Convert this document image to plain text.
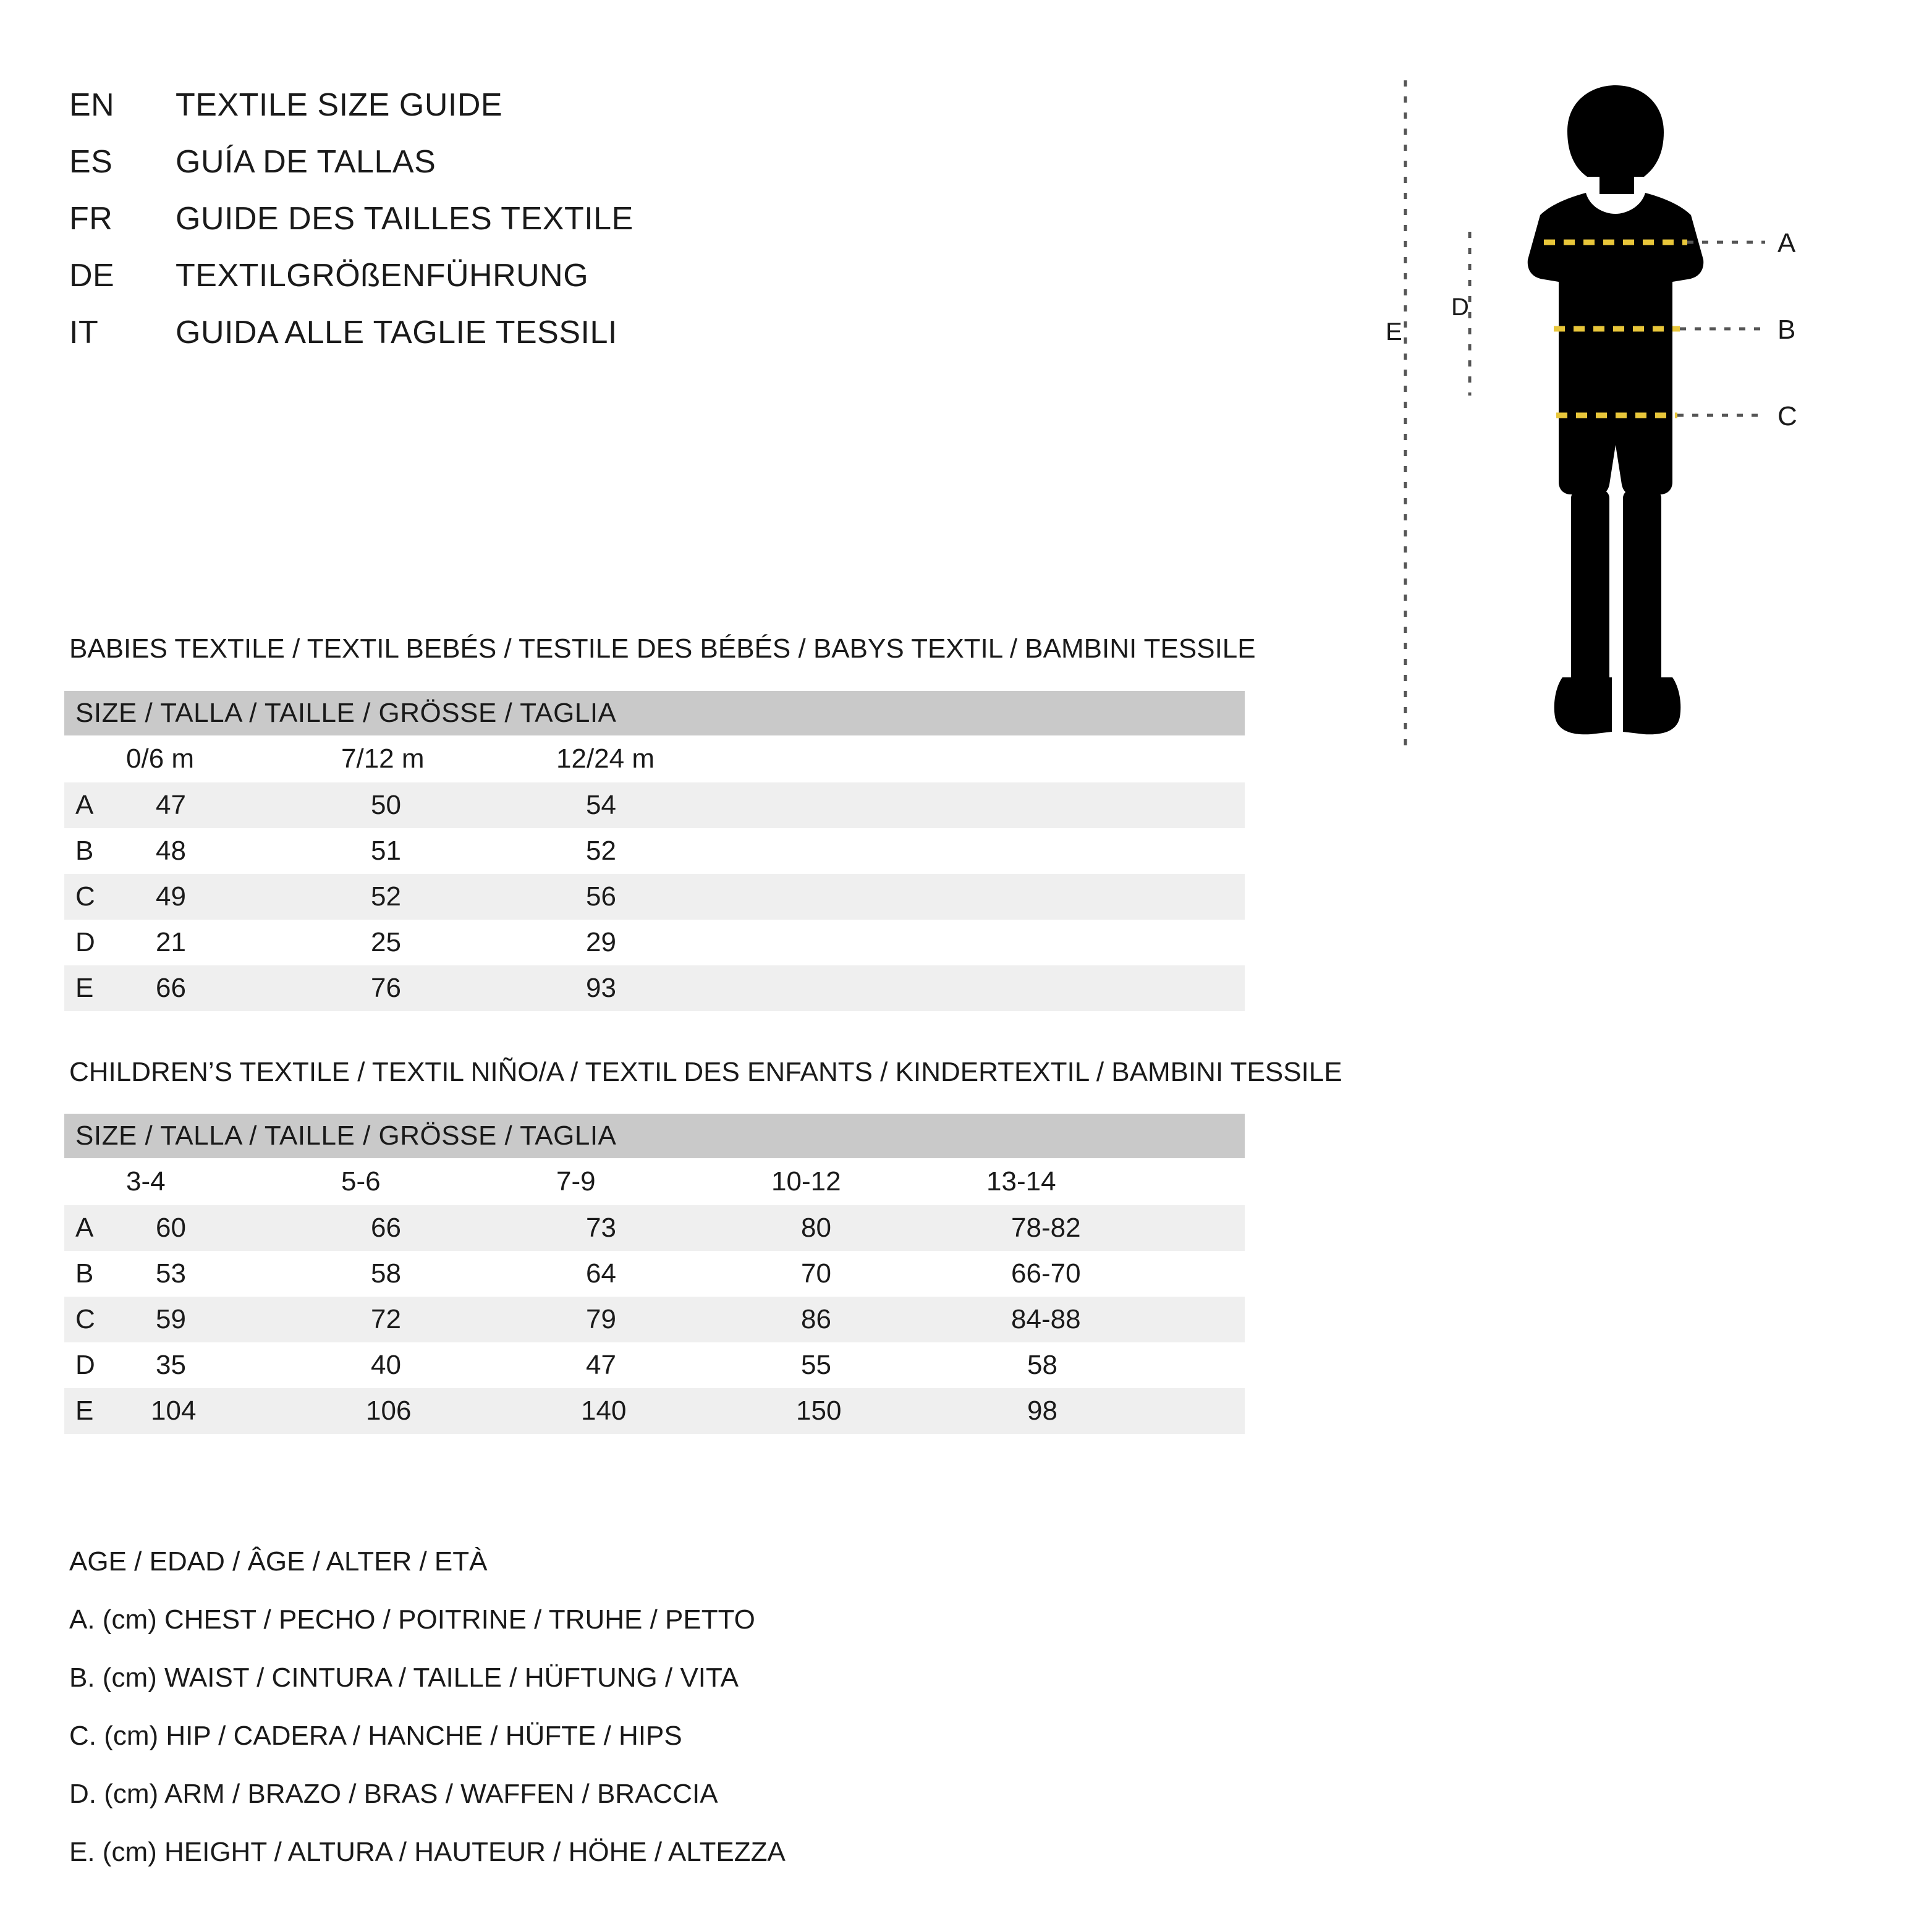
EN	TEXTILE SIZE GUIDE
ES	GUÍA DE TALLAS
FR	GUIDE DES TAILLES TEXTILE
DE	TEXTILGRÖßENFÜHRUNG
IT	GUIDA ALLE TAGLIE TESSILI	E
D
A
B
C
BABIES TEXTILE / TEXTIL BEBÉS / TESTILE DES BÉBÉS / BABYS TEXTIL / BAMBINI TESSILE
SIZE / TALLA / TAILLE / GRÖSSE / TAGLIA			
	0/6 m	7/12 m	12/24 m
A	47	50	54
B	48	51	52
C	49	52	56
D	21	25	29
E	66	76	93
CHILDREN’S TEXTILE / TEXTIL NIÑO/A / TEXTIL DES ENFANTS / KINDERTEXTIL / BAMBINI TESSILE
SIZE / TALLA / TAILLE / GRÖSSE / TAGLIA					
	3-4	5-6	7-9	10-12	13-14
A	60	66	73	80	78-82
B	53	58	64	70	66-70
C	59	72	79	86	84-88
D	35	40	47	55	58
E	104	106	140	150	98
AGE / EDAD / ÂGE / ALTER / ETÀ
A. (cm) CHEST / PECHO / POITRINE / TRUHE / PETTO
B. (cm) WAIST / CINTURA / TAILLE / HÜFTUNG / VITA
C. (cm) HIP / CADERA / HANCHE / HÜFTE / HIPS
D. (cm) ARM / BRAZO / BRAS / WAFFEN / BRACCIA
E. (cm) HEIGHT / ALTURA / HAUTEUR / HÖHE / ALTEZZA
